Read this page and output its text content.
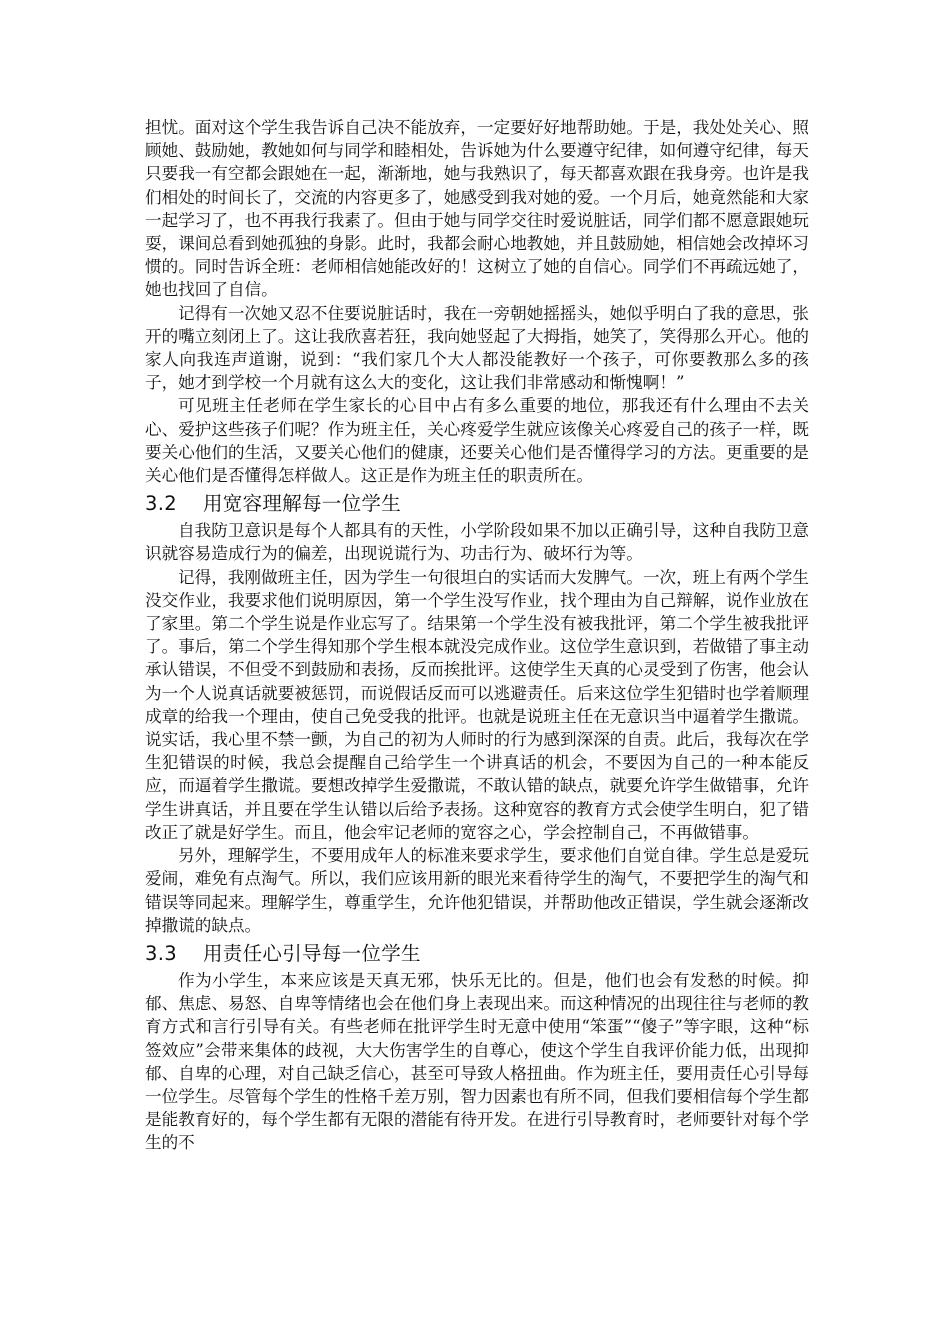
担忧。面对这个学生我告诉自己决不能放弃，一定要好好地帮助她。于是，我处处关心、照顾她、鼓励她，教她如何与同学和睦相处，告诉她为什么要遵守纪律，如何遵守纪律，每天只要我一有空都会跟她在一起，渐渐地，她与我熟识了，每天都喜欢跟在我身旁。也许是我们相处的时间长了，交流的内容更多了，她感受到我对她的爱。一个月后，她竟然能和大家一起学习了，也不再我行我素了。但由于她与同学交往时爱说脏话，同学们都不愿意跟她玩耍，课间总看到她孤独的身影。此时，我都会耐心地教她，并且鼓励她，相信她会改掉坏习惯的。同时告诉全班：老师相信她能改好的！这树立了她的自信心。同学们不再疏远她了，她也找回了自信。

记得有一次她又忍不住要说脏话时，我在一旁朝她摇摇头，她似乎明白了我的意思，张开的嘴立刻闭上了。这让我欣喜若狂，我向她竖起了大拇指，她笑了，笑得那么开心。他的家人向我连声道谢，说到：“我们家几个大人都没能教好一个孩子，可你要教那么多的孩子，她才到学校一个月就有这么大的变化，这让我们非常感动和惭愧啊！”

可见班主任老师在学生家长的心目中占有多么重要的地位，那我还有什么理由不去关心、爱护这些孩子们呢？作为班主任，关心疼爱学生就应该像关心疼爱自己的孩子一样，既要关心他们的生活，又要关心他们的健康，还要关心他们是否懂得学习的方法。更重要的是关心他们是否懂得怎样做人。这正是作为班主任的职责所在。

3.2	用宽容理解每一位学生

自我防卫意识是每个人都具有的天性，小学阶段如果不加以正确引导，这种自我防卫意识就容易造成行为的偏差，出现说谎行为、功击行为、破坏行为等。

记得，我刚做班主任，因为学生一句很坦白的实话而大发脾气。一次，班上有两个学生没交作业，我要求他们说明原因，第一个学生没写作业，找个理由为自己辩解，说作业放在了家里。第二个学生说是作业忘写了。结果第一个学生没有被我批评，第二个学生被我批评了。事后，第二个学生得知那个学生根本就没完成作业。这位学生意识到，若做错了事主动承认错误，不但受不到鼓励和表扬，反而挨批评。这使学生天真的心灵受到了伤害，他会认为一个人说真话就要被惩罚，而说假话反而可以逃避责任。后来这位学生犯错时也学着顺理成章的给我一个理由，使自己免受我的批评。也就是说班主任在无意识当中逼着学生撒谎。说实话，我心里不禁一颤，为自己的初为人师时的行为感到深深的自责。此后，我每次在学生犯错误的时候，我总会提醒自己给学生一个讲真话的机会，不要因为自己的一种本能反应，而逼着学生撒谎。要想改掉学生爱撒谎，不敢认错的缺点，就要允许学生做错事，允许学生讲真话，并且要在学生认错以后给予表扬。这种宽容的教育方式会使学生明白，犯了错改正了就是好学生。而且，他会牢记老师的宽容之心，学会控制自己，不再做错事。

另外，理解学生，不要用成年人的标准来要求学生，要求他们自觉自律。学生总是爱玩爱闹，难免有点淘气。所以，我们应该用新的眼光来看待学生的淘气，不要把学生的淘气和错误等同起来。理解学生，尊重学生，允许他犯错误，并帮助他改正错误，学生就会逐渐改掉撒谎的缺点。

3.3	用责任心引导每一位学生

作为小学生，本来应该是天真无邪，快乐无比的。但是，他们也会有发愁的时候。抑郁、焦虑、易怒、自卑等情绪也会在他们身上表现出来。而这种情况的出现往往与老师的教育方式和言行引导有关。有些老师在批评学生时无意中使用“笨蛋”“傻子”等字眼，这种“标签效应”会带来集体的歧视，大大伤害学生的自尊心，使这个学生自我评价能力低，出现抑郁、自卑的心理，对自己缺乏信心，甚至可导致人格扭曲。作为班主任，要用责任心引导每一位学生。尽管每个学生的性格千差万别，智力因素也有所不同，但我们要相信每个学生都是能教育好的，每个学生都有无限的潜能有待开发。在进行引导教育时，老师要针对每个学生的不
